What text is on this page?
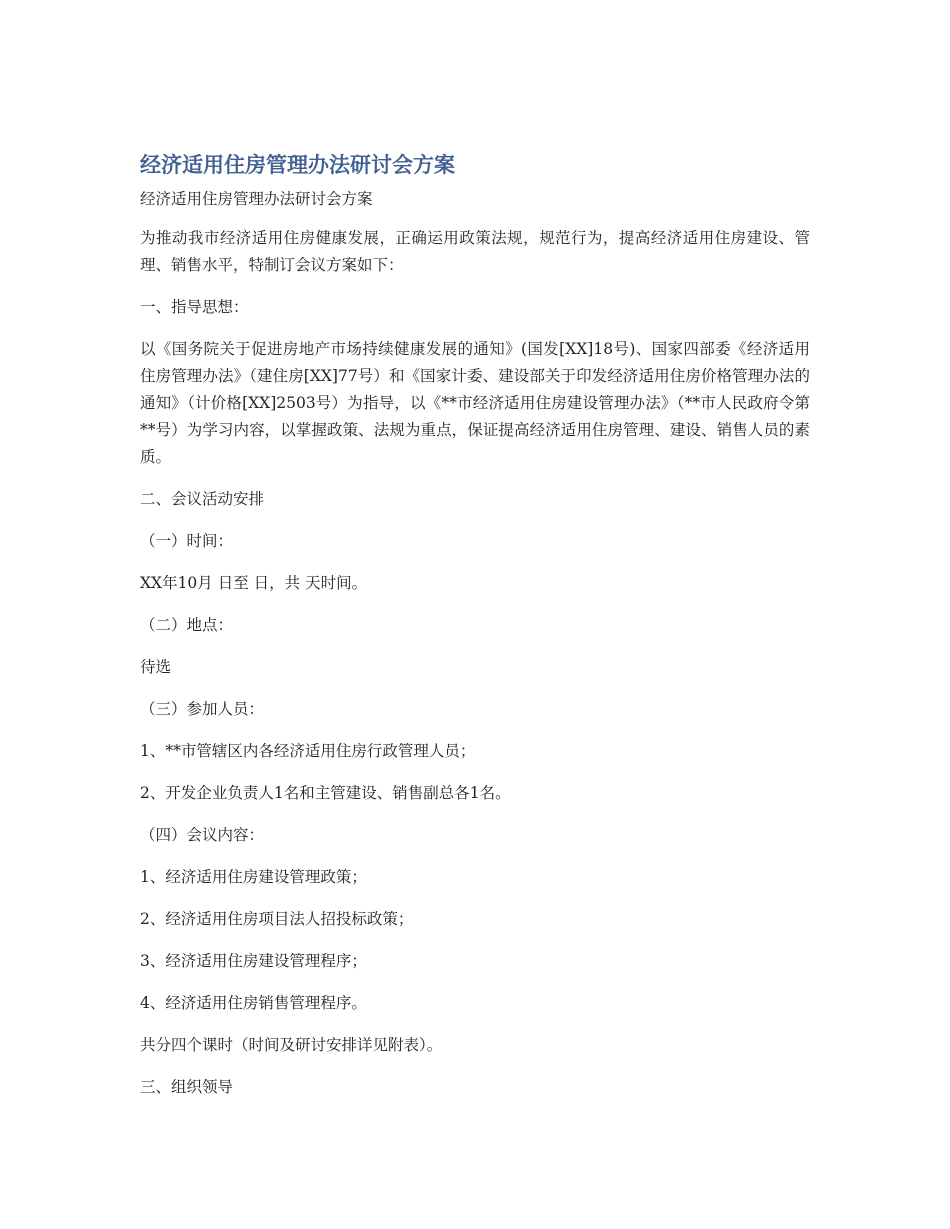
经济适用住房管理办法研讨会方案

经济适用住房管理办法研讨会方案

为推动我市经济适用住房健康发展，正确运用政策法规，规范行为，提高经济适用住房建设、管理、销售水平，特制订会议方案如下：

一、指导思想：

以《国务院关于促进房地产市场持续健康发展的通知》(国发[XX]18号)、国家四部委《经济适用住房管理办法》（建住房[XX]77号）和《国家计委、建设部关于印发经济适用住房价格管理办法的通知》（计价格[XX]2503号）为指导，以《**市经济适用住房建设管理办法》（**市人民政府令第**号）为学习内容，以掌握政策、法规为重点，保证提高经济适用住房管理、建设、销售人员的素质。

二、会议活动安排

（一）时间：

XX年10月 日至 日，共 天时间。

（二）地点：

待选

（三）参加人员：

1、**市管辖区内各经济适用住房行政管理人员；

2、开发企业负责人1名和主管建设、销售副总各1名。

（四）会议内容：

1、经济适用住房建设管理政策；

2、经济适用住房项目法人招投标政策；

3、经济适用住房建设管理程序；

4、经济适用住房销售管理程序。

共分四个课时（时间及研讨安排详见附表）。

三、组织领导
